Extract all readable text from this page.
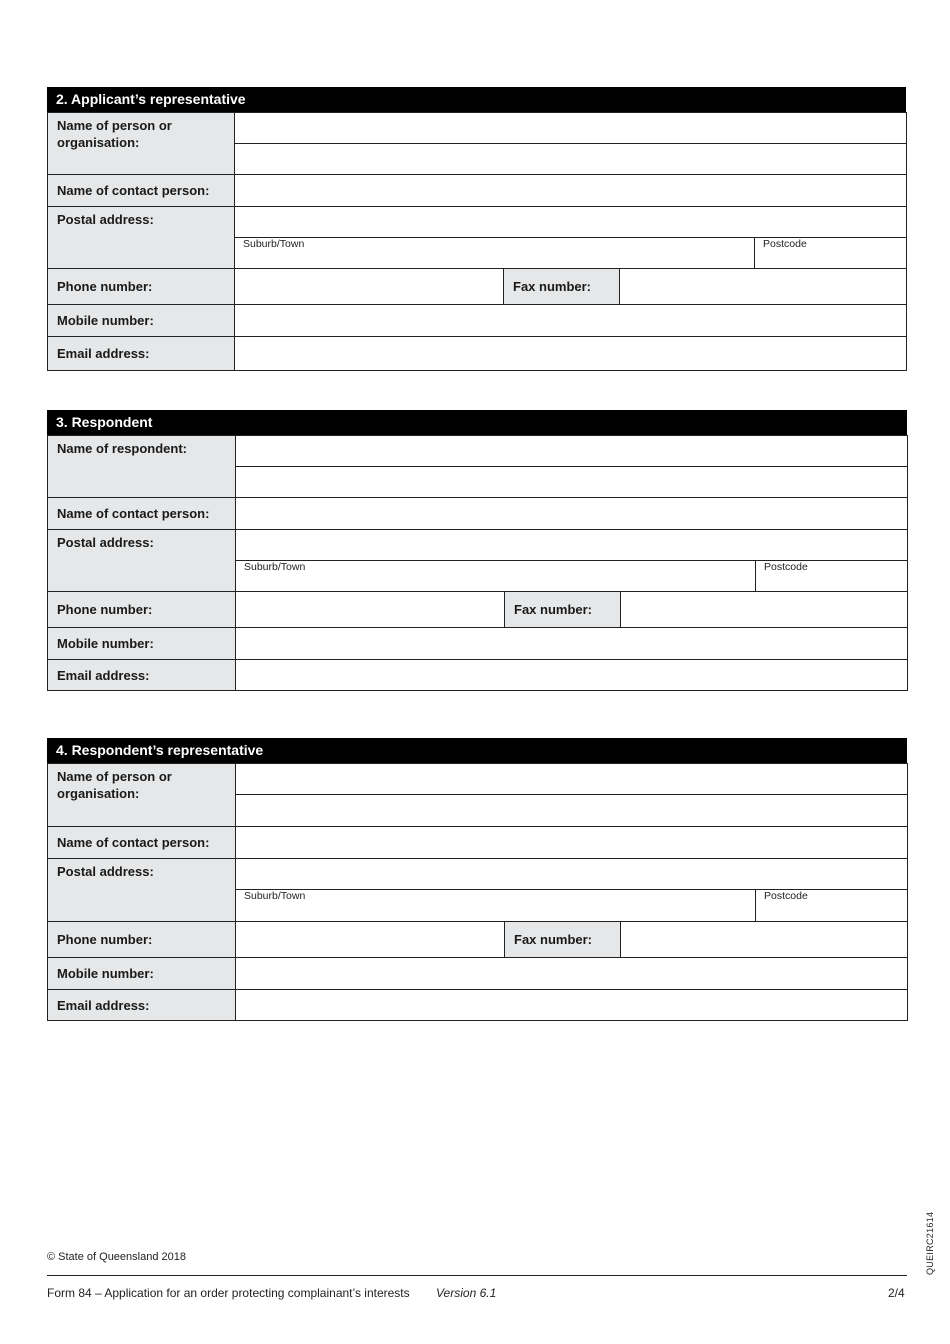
2. Applicant’s representative
Name of person or organisation:				

Name of contact person:				
Postal address:				
	Suburb/Town			Postcode
Phone number:		Fax number:		
Mobile number:				
Email address:				
3. Respondent
Name of respondent:				

Name of contact person:				
Postal address:				
	Suburb/Town			Postcode
Phone number:		Fax number:		
Mobile number:				
Email address:				
4. Respondent’s representative
Name of person or organisation:				

Name of contact person:				
Postal address:				
	Suburb/Town			Postcode
Phone number:		Fax number:		
Mobile number:				
Email address:				
© State of Queensland 2018
Form 84 – Application for an order protecting complainant’s interests Version 6.1	2/4
QUEIRC21614
